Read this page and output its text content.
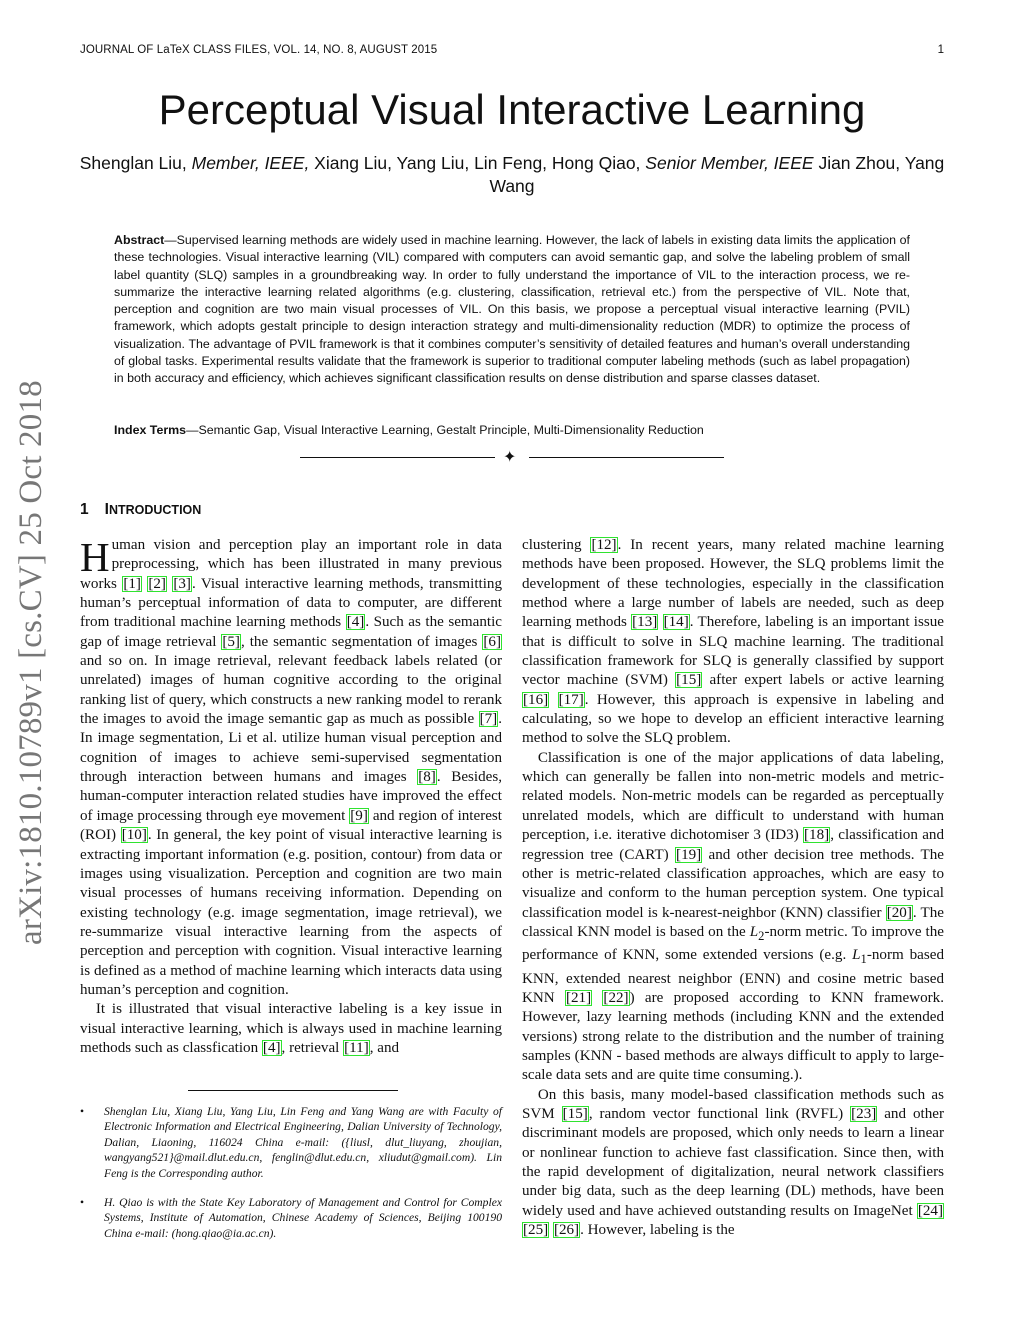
JOURNAL OF LaTeX CLASS FILES, VOL. 14, NO. 8, AUGUST 2015	1
Perceptual Visual Interactive Learning
Shenglan Liu, Member, IEEE, Xiang Liu, Yang Liu, Lin Feng, Hong Qiao, Senior Member, IEEE Jian Zhou, Yang Wang
Abstract—Supervised learning methods are widely used in machine learning. However, the lack of labels in existing data limits the application of these technologies. Visual interactive learning (VIL) compared with computers can avoid semantic gap, and solve the labeling problem of small label quantity (SLQ) samples in a groundbreaking way. In order to fully understand the importance of VIL to the interaction process, we re-summarize the interactive learning related algorithms (e.g. clustering, classification, retrieval etc.) from the perspective of VIL. Note that, perception and cognition are two main visual processes of VIL. On this basis, we propose a perceptual visual interactive learning (PVIL) framework, which adopts gestalt principle to design interaction strategy and multi-dimensionality reduction (MDR) to optimize the process of visualization. The advantage of PVIL framework is that it combines computer’s sensitivity of detailed features and human’s overall understanding of global tasks. Experimental results validate that the framework is superior to traditional computer labeling methods (such as label propagation) in both accuracy and efficiency, which achieves significant classification results on dense distribution and sparse classes dataset.
Index Terms—Semantic Gap, Visual Interactive Learning, Gestalt Principle, Multi-Dimensionality Reduction
✦
arXiv:1810.10789v1 [cs.CV] 25 Oct 2018 1 INTRODUCTION

Human vision and perception play an important role in data preprocessing, which has been illustrated in many previous works [1] [2] [3]. Visual interactive learning methods, transmitting human’s perceptual information of data to computer, are different from traditional machine learning methods [4]. Such as the semantic gap of image retrieval [5], the semantic segmentation of images [6] and so on. In image retrieval, relevant feedback labels related (or unrelated) images of human cognitive according to the original ranking list of query, which constructs a new ranking model to rerank the images to avoid the image semantic gap as much as possible [7]. In image segmentation, Li et al. utilize human visual perception and cognition of images to achieve semi-supervised segmentation through interaction between humans and images [8]. Besides, human-computer interaction related studies have improved the effect of image processing through eye movement [9] and region of interest (ROI) [10]. In general, the key point of visual interactive learning is extracting important information (e.g. position, contour) from data or images using visualization. Perception and cognition are two main visual processes of humans receiving information. Depending on existing technology (e.g. image segmentation, image retrieval), we re-summarize visual interactive learning from the aspects of perception and perception with cognition. Visual interactive learning is defined as a method of machine learning which interacts data using human’s perception and cognition.

It is illustrated that visual interactive labeling is a key issue in visual interactive learning, which is always used in machine learning methods such as classfication [4], retrieval [11], and

clustering [12]. In recent years, many related machine learning methods have been proposed. However, the SLQ problems limit the development of these technologies, especially in the classification method where a large number of labels are needed, such as deep learning methods [13] [14]. Therefore, labeling is an important issue that is difficult to solve in SLQ machine learning. The traditional classification framework for SLQ is generally classified by support vector machine (SVM) [15] after expert labels or active learning [16] [17]. However, this approach is expensive in labeling and calculating, so we hope to develop an efficient interactive learning method to solve the SLQ problem.

Classification is one of the major applications of data labeling, which can generally be fallen into non-metric models and metric-related models. Non-metric models can be regarded as perceptually unrelated models, which are difficult to understand with human perception, i.e. iterative dichotomiser 3 (ID3) [18], classification and regression tree (CART) [19] and other decision tree methods. The other is metric-related classification approaches, which are easy to visualize and conform to the human perception system. One typical classification model is k-nearest-neighbor (KNN) classifier [20]. The classical KNN model is based on the $L_2$-norm metric. To improve the performance of KNN, some extended versions (e.g. $L_1$-norm based KNN, extended nearest neighbor (ENN) and cosine metric based KNN [21] [22]) are proposed according to KNN framework. However, lazy learning methods (including KNN and the extended versions) strong relate to the distribution and the number of training samples (KNN - based methods are always difficult to apply to large-scale data sets and are quite time consuming.).

On this basis, many model-based classification methods such as SVM [15], random vector functional link (RVFL) [23] and other discriminant models are proposed, which only needs to learn a linear or nonlinear function to achieve fast classification. Since then, with the rapid development of digitalization, neural network classifiers under big data, such as the deep learning (DL) methods, have been widely used and have achieved outstanding results on ImageNet [24] [25] [26]. However, labeling is the

• Shenglan Liu, Xiang Liu, Yang Liu, Lin Feng and Yang Wang are with Faculty of Electronic Information and Electrical Engineering, Dalian University of Technology, Dalian, Liaoning, 116024 China e-mail: ({liusl, dlut_liuyang, zhoujian, wangyang521}@mail.dlut.edu.cn, fenglin@dlut.edu.cn, xliudut@gmail.com). Lin Feng is the Corresponding author.
• H. Qiao is with the State Key Laboratory of Management and Control for Complex Systems, Institute of Automation, Chinese Academy of Sciences, Beijing 100190 China e-mail: (hong.qiao@ia.ac.cn).
